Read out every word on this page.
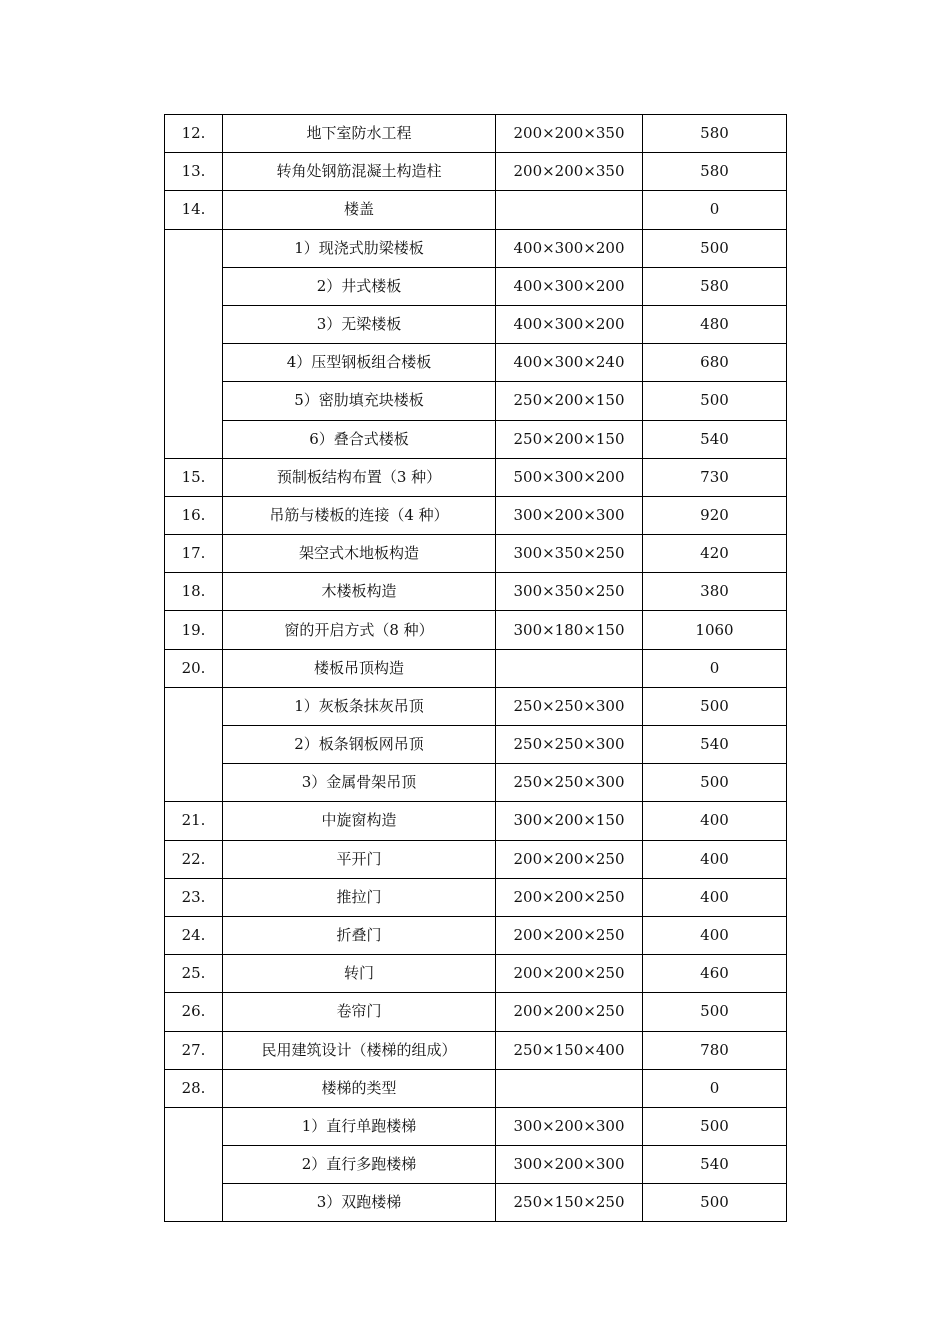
12.	地下室防水工程	200×200×350	580
13.	转角处钢筋混凝土构造柱	200×200×350	580
14.	楼盖		0
	1）现浇式肋梁楼板	400×300×200	500
	2）井式楼板	400×300×200	580
	3）无梁楼板	400×300×200	480
	4）压型钢板组合楼板	400×300×240	680
	5）密肋填充块楼板	250×200×150	500
	6）叠合式楼板	250×200×150	540
15.	预制板结构布置（3 种）	500×300×200	730
16.	吊筋与楼板的连接（4 种）	300×200×300	920
17.	架空式木地板构造	300×350×250	420
18.	木楼板构造	300×350×250	380
19.	窗的开启方式（8 种）	300×180×150	1060
20.	楼板吊顶构造		0
	1）灰板条抹灰吊顶	250×250×300	500
	2）板条钢板网吊顶	250×250×300	540
	3）金属骨架吊顶	250×250×300	500
21.	中旋窗构造	300×200×150	400
22.	平开门	200×200×250	400
23.	推拉门	200×200×250	400
24.	折叠门	200×200×250	400
25.	转门	200×200×250	460
26.	卷帘门	200×200×250	500
27.	民用建筑设计（楼梯的组成）	250×150×400	780
28.	楼梯的类型		0
	1）直行单跑楼梯	300×200×300	500
	2）直行多跑楼梯	300×200×300	540
	3）双跑楼梯	250×150×250	500
